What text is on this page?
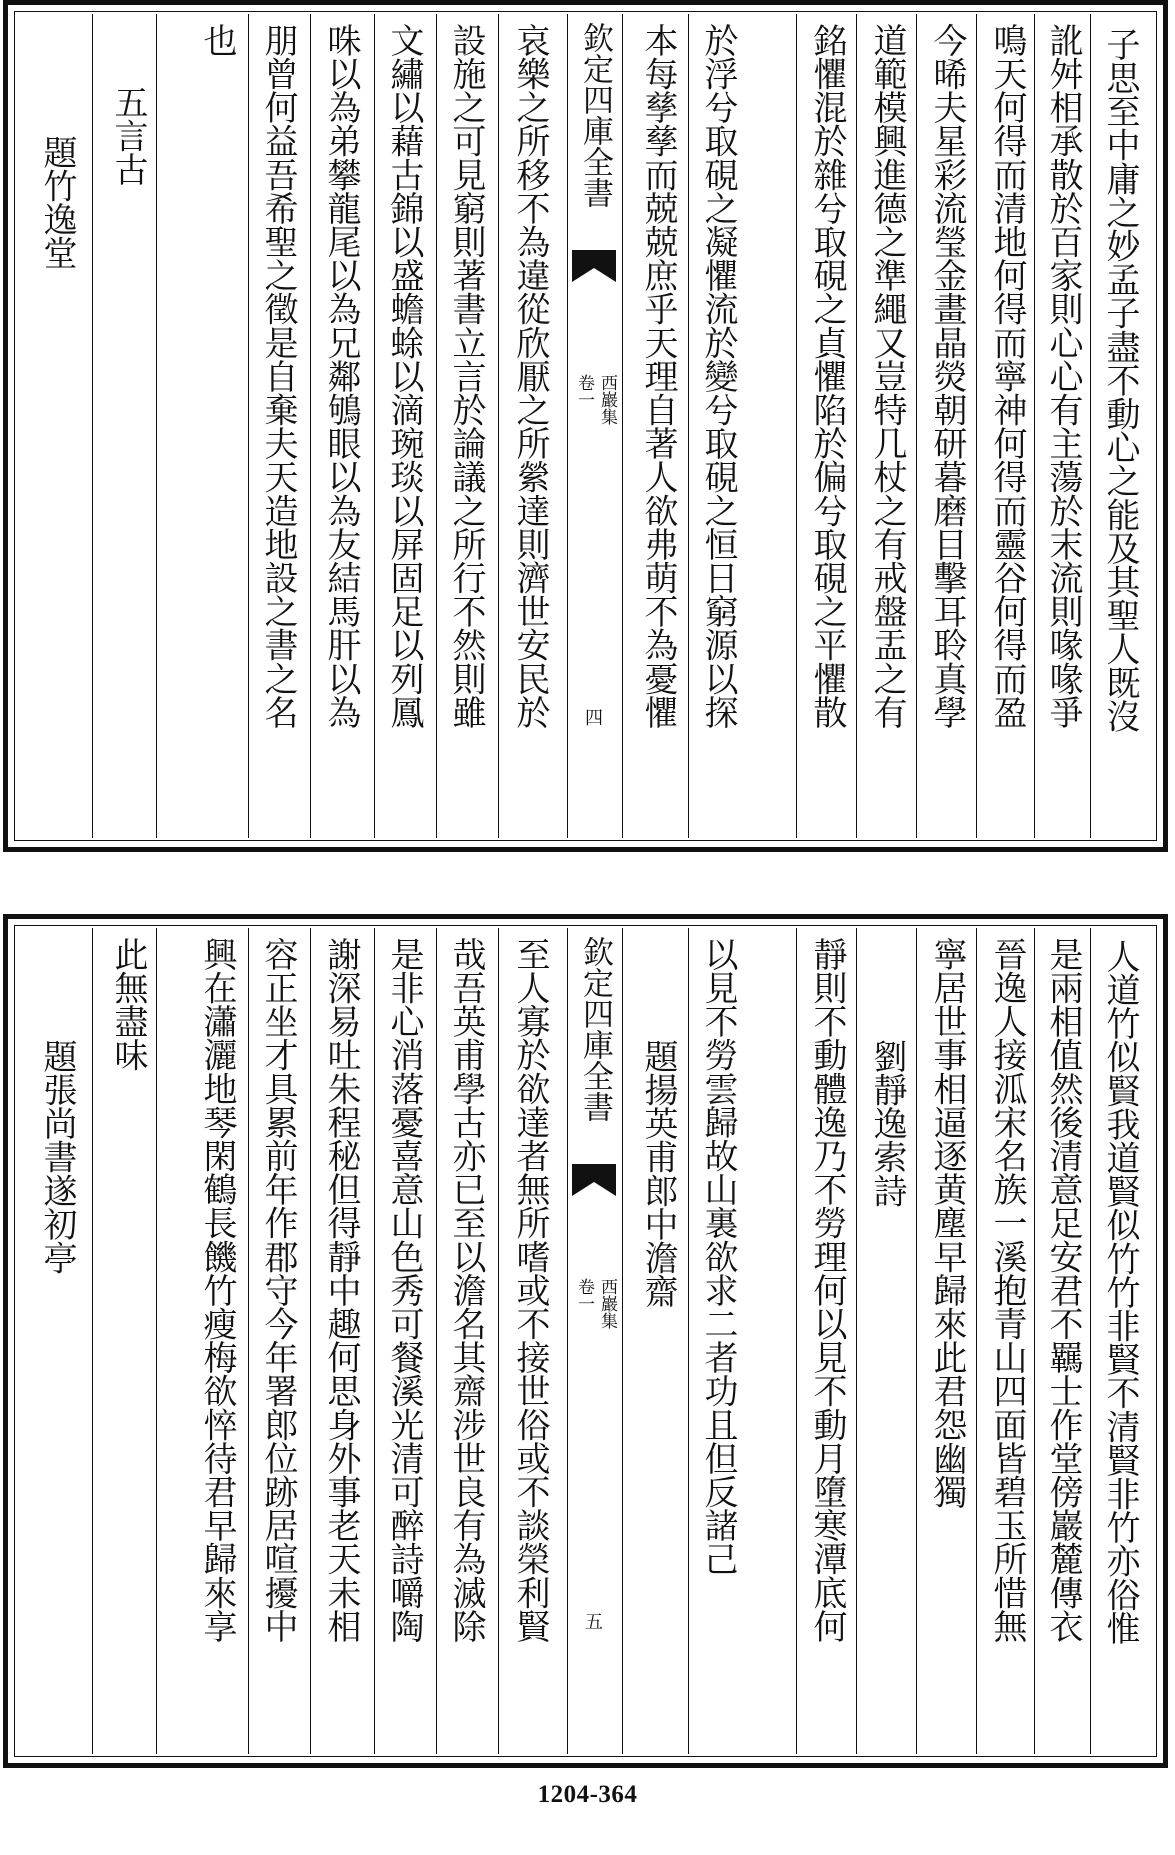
子思至中庸之妙孟子盡不動心之能及其聖人既沒
訛舛相承散於百家則心心有主蕩於末流則喙喙爭
鳴天何得而清地何得而寧神何得而靈谷何得而盈
今晞夫星彩流瑩金畫晶熒朝研暮磨目擊耳聆真學
道範模興進德之準繩又豈特几杖之有戒盤盂之有
銘懼混於雜兮取硯之貞懼陷於偏兮取硯之平懼散
於浮兮取硯之凝懼流於變兮取硯之恒日窮源以探
本每孳孳而兢兢庶乎天理自著人欲弗萌不為憂懼
欽定四庫全書
西巖集
卷一
四
哀樂之所移不為違從欣厭之所縈達則濟世安民於
設施之可見窮則著書立言於論議之所行不然則雖
文繡以藉古錦以盛蟾蜍以滴琬琰以屏固足以列鳳
咮以為弟攀龍尾以為兄鄰鴝眼以為友結馬肝以為
朋曾何益吾希聖之徵是自棄夫天造地設之書之名
也
五言古
題竹逸堂
人道竹似賢我道賢似竹竹非賢不清賢非竹亦俗惟
是兩相值然後清意足安君不羈士作堂傍巖麓傳衣
晉逸人接泒宋名族一溪抱青山四面皆碧玉所惜無
寧居世事相逼逐黄塵早歸來此君怨幽獨
劉靜逸索詩
靜則不動體逸乃不勞理何以見不動月墮寒潭底何
以見不勞雲歸故山裏欲求二者功且但反諸己
題揚英甫郎中澹齋
欽定四庫全書
西巖集
卷一
五
至人寡於欲達者無所嗜或不接世俗或不談榮利賢
哉吾英甫學古亦已至以澹名其齋涉世良有為滅除
是非心消落憂喜意山色秀可餐溪光清可醉詩嚼陶
謝深易吐朱程秘但得靜中趣何思身外事老天未相
容正坐才具累前年作郡守今年署郎位跡居喧擾中
興在瀟灑地琴閑鶴長饑竹瘦梅欲悴待君早歸來享
此無盡味
題張尚書遂初亭
1204-364
